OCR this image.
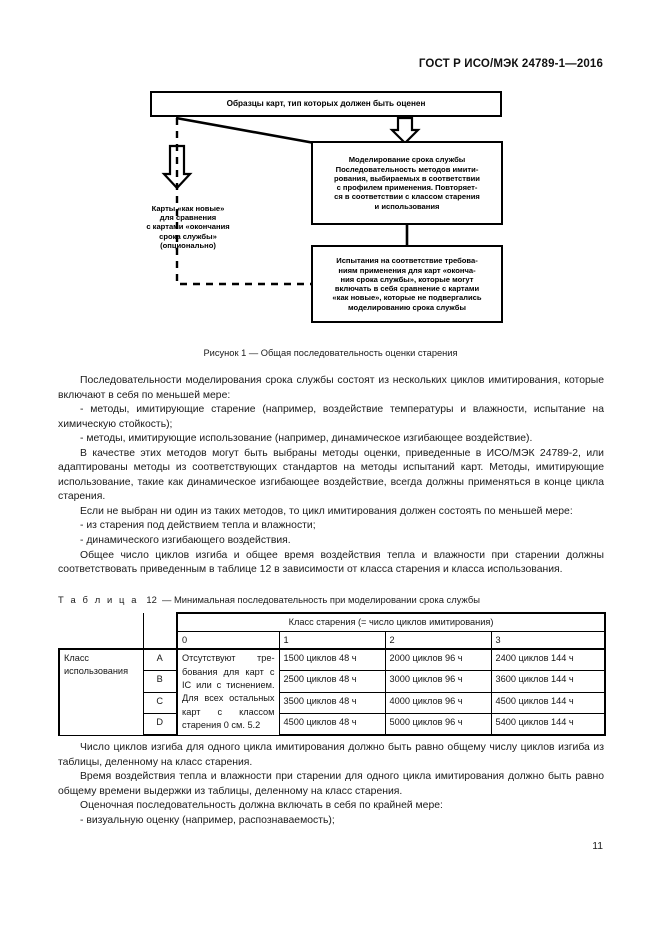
ГОСТ Р ИСО/МЭК 24789-1—2016
Образцы карт, тип которых должен быть оценен
Моделирование срока службы
Последовательность методов имити-
рования, выбираемых в соответствии
с профилем применения. Повторяет-
ся в соответствии с классом старения
и использования
Испытания на соответствие требова-
ниям применения для карт «оконча-
ния срока службы», которые могут
включать в себя сравнение с картами
«как новые», которые не подвергались
моделированию срока службы
Карты «как новые»
для сравнения
с картами «окончания
срока службы»
(опционально)
Рисунок 1 — Общая последовательность оценки старения

Последовательности моделирования срока службы состоят из нескольких циклов имитирования, которые включают в себя по меньшей мере:

- методы, имитирующие старение (например, воздействие температуры и влажности, испытание на химическую стойкость);

- методы, имитирующие использование (например, динамическое изгибающее воздействие).

В качестве этих методов могут быть выбраны методы оценки, приведенные в ИСО/МЭК 24789-2, или адаптированы методы из соответствующих стандартов на методы испытаний карт. Методы, имитирующие использование, такие как динамическое изгибающее воздействие, всегда должны применяться в конце цикла старения.

Если не выбран ни один из таких методов, то цикл имитирования должен состоять по меньшей мере:

- из старения под действием тепла и влажности;

- динамического изгибающего воздействия.

Общее число циклов изгиба и общее время воздействия тепла и влажности при старении должны соответствовать приведенным в таблице 12 в зависимости от класса старения и класса использования.

Т а б л и ц а 12 — Минимальная последовательность при моделировании срока службы
		Класс старения (= число циклов имитирования)			
		0	1	2	3
Класс
использования	A	Отсутствуют требования для карт с IC или с тиснением. Для всех остальных карт с классом старения 0 см. 5.2	1500 циклов 48 ч	2000 циклов 96 ч	2400 циклов 144 ч
	B		2500 циклов 48 ч	3000 циклов 96 ч	3600 циклов 144 ч
	C		3500 циклов 48 ч	4000 циклов 96 ч	4500 циклов 144 ч
	D		4500 циклов 48 ч	5000 циклов 96 ч	5400 циклов 144 ч

Число циклов изгиба для одного цикла имитирования должно быть равно общему числу циклов изгиба из таблицы, деленному на класс старения.

Время воздействия тепла и влажности при старении для одного цикла имитирования должно быть равно общему времени выдержки из таблицы, деленному на класс старения.

Оценочная последовательность должна включать в себя по крайней мере:

- визуальную оценку (например, распознаваемость);

11
